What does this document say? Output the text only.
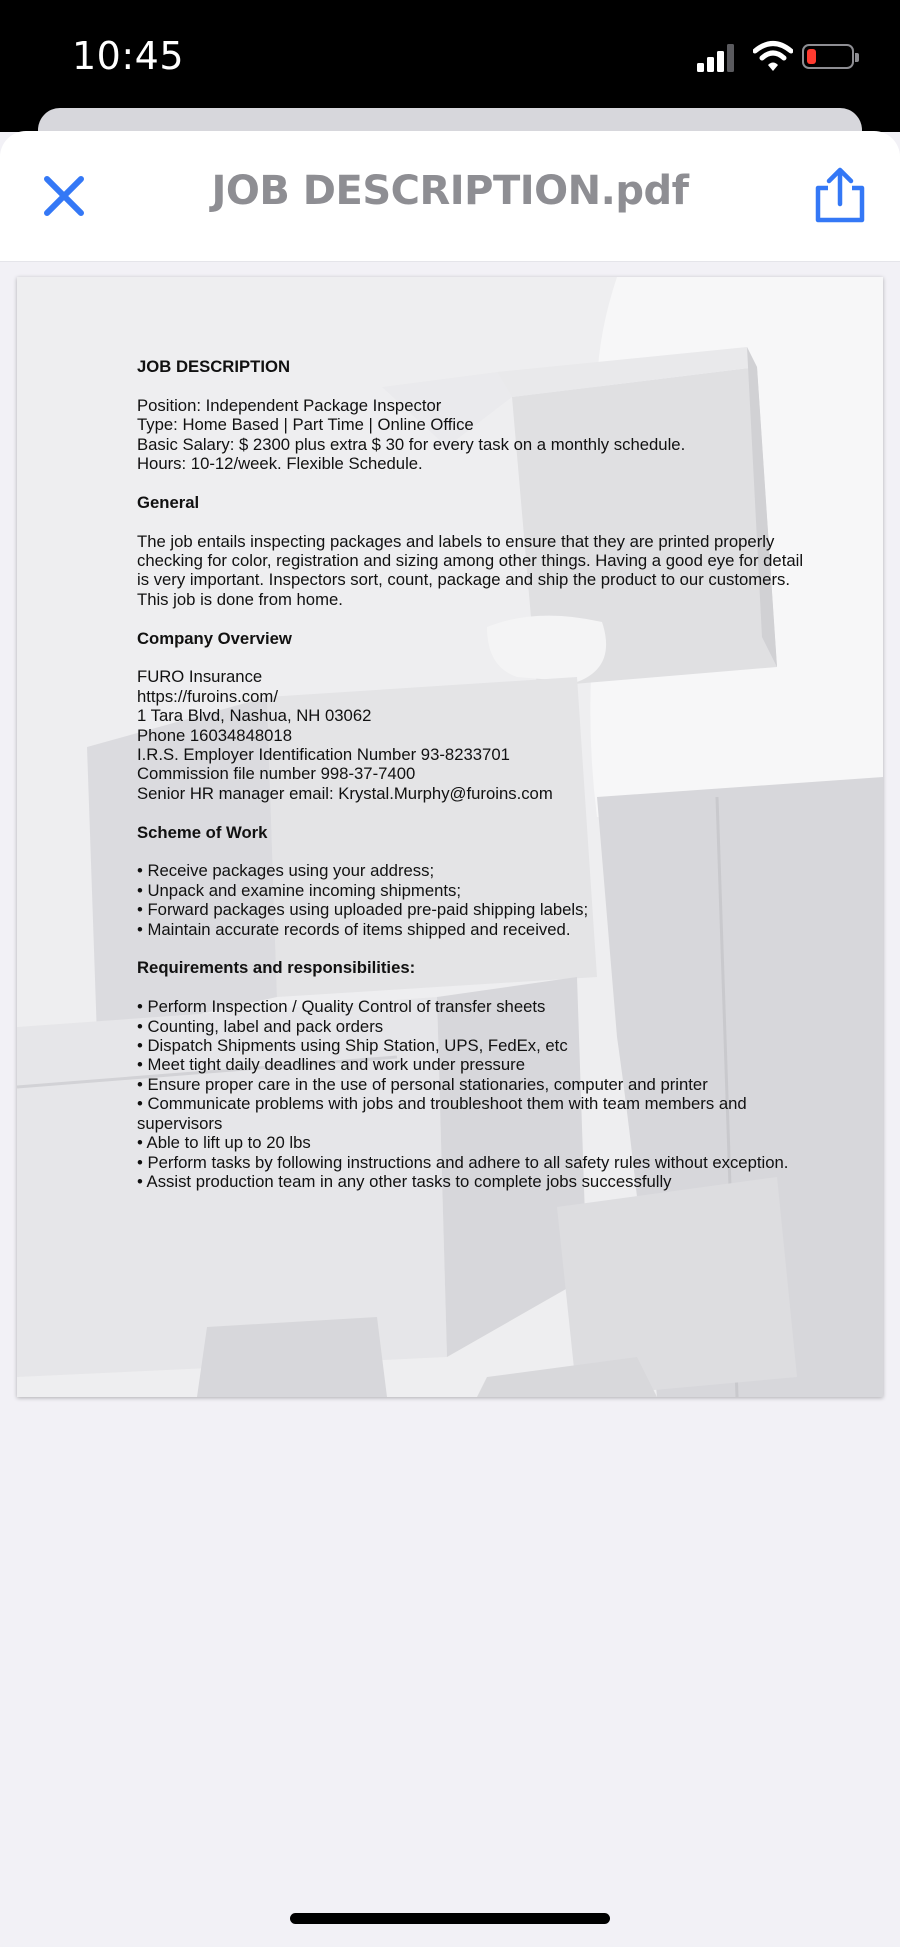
10:45
JOB DESCRIPTION.pdf

JOB DESCRIPTION

Position: Independent Package Inspector

Type: Home Based | Part Time | Online Office

Basic Salary: $ 2300 plus extra $ 30 for every task on a monthly schedule.

Hours: 10-12/week. Flexible Schedule.

General

The job entails inspecting packages and labels to ensure that they are printed properly

checking for color, registration and sizing among other things. Having a good eye for detail

is very important. Inspectors sort, count, package and ship the product to our customers.

This job is done from home.

Company Overview

FURO Insurance

https://furoins.com/

1 Tara Blvd, Nashua, NH 03062

Phone 16034848018

I.R.S. Employer Identification Number 93-8233701

Commission file number 998-37-7400

Senior HR manager email: Krystal.Murphy@furoins.com

Scheme of Work

• Receive packages using your address;

• Unpack and examine incoming shipments;

• Forward packages using uploaded pre-paid shipping labels;

• Maintain accurate records of items shipped and received.

Requirements and responsibilities:

• Perform Inspection / Quality Control of transfer sheets

• Counting, label and pack orders

• Dispatch Shipments using Ship Station, UPS, FedEx, etc

• Meet tight daily deadlines and work under pressure

• Ensure proper care in the use of personal stationaries, computer and printer

• Communicate problems with jobs and troubleshoot them with team members and

supervisors

• Able to lift up to 20 lbs

• Perform tasks by following instructions and adhere to all safety rules without exception.

• Assist production team in any other tasks to complete jobs successfully
